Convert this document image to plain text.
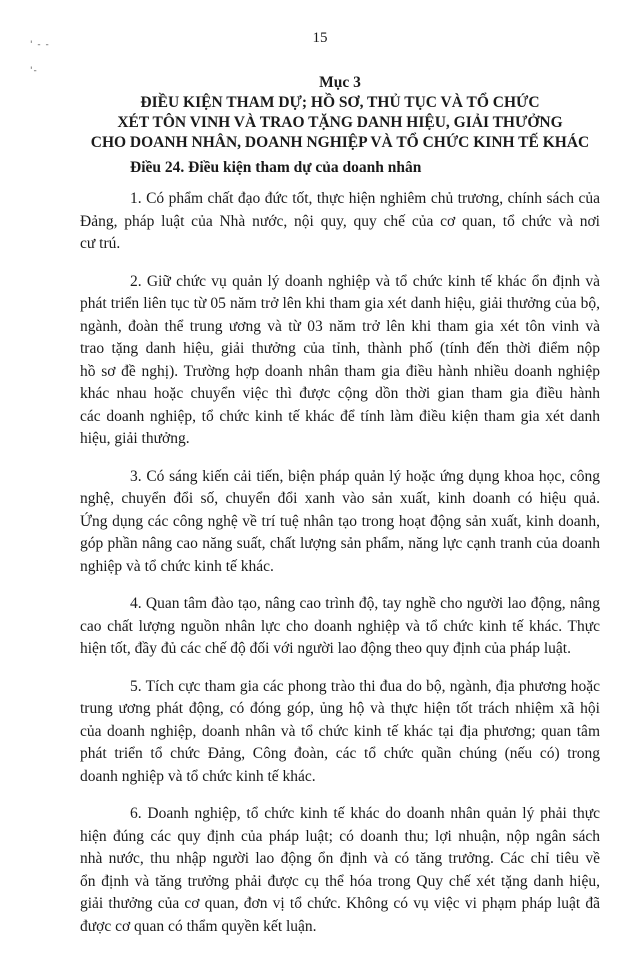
15
' - -
'-
Mục 3
ĐIỀU KIỆN THAM DỰ; HỒ SƠ, THỦ TỤC VÀ TỔ CHỨC
XÉT TÔN VINH VÀ TRAO TẶNG DANH HIỆU, GIẢI THƯỞNG
CHO DOANH NHÂN, DOANH NGHIỆP VÀ TỔ CHỨC KINH TẾ KHÁC
Điều 24. Điều kiện tham dự của doanh nhân
1. Có phẩm chất đạo đức tốt, thực hiện nghiêm chủ trương, chính sách của
Đảng, pháp luật của Nhà nước, nội quy, quy chế của cơ quan, tổ chức và nơi
cư trú.
2. Giữ chức vụ quản lý doanh nghiệp và tổ chức kinh tế khác ổn định và
phát triển liên tục từ 05 năm trở lên khi tham gia xét danh hiệu, giải thưởng của bộ,
ngành, đoàn thể trung ương và từ 03 năm trở lên khi tham gia xét tôn vinh và
trao tặng danh hiệu, giải thưởng của tỉnh, thành phố (tính đến thời điểm nộp
hồ sơ đề nghị). Trường hợp doanh nhân tham gia điều hành nhiều doanh nghiệp
khác nhau hoặc chuyển việc thì được cộng dồn thời gian tham gia điều hành
các doanh nghiệp, tổ chức kinh tế khác để tính làm điều kiện tham gia xét danh
hiệu, giải thưởng.
3. Có sáng kiến cải tiến, biện pháp quản lý hoặc ứng dụng khoa học, công
nghệ, chuyển đổi số, chuyển đổi xanh vào sản xuất, kinh doanh có hiệu quả.
Ứng dụng các công nghệ về trí tuệ nhân tạo trong hoạt động sản xuất, kinh doanh,
góp phần nâng cao năng suất, chất lượng sản phẩm, năng lực cạnh tranh của doanh
nghiệp và tổ chức kinh tế khác.
4. Quan tâm đào tạo, nâng cao trình độ, tay nghề cho người lao động, nâng
cao chất lượng nguồn nhân lực cho doanh nghiệp và tổ chức kinh tế khác. Thực
hiện tốt, đầy đủ các chế độ đối với người lao động theo quy định của pháp luật.
5. Tích cực tham gia các phong trào thi đua do bộ, ngành, địa phương hoặc
trung ương phát động, có đóng góp, ủng hộ và thực hiện tốt trách nhiệm xã hội
của doanh nghiệp, doanh nhân và tổ chức kinh tế khác tại địa phương; quan tâm
phát triển tổ chức Đảng, Công đoàn, các tổ chức quần chúng (nếu có) trong
doanh nghiệp và tổ chức kinh tế khác.
6. Doanh nghiệp, tổ chức kinh tế khác do doanh nhân quản lý phải thực
hiện đúng các quy định của pháp luật; có doanh thu; lợi nhuận, nộp ngân sách
nhà nước, thu nhập người lao động ổn định và có tăng trưởng. Các chỉ tiêu về
ổn định và tăng trưởng phải được cụ thể hóa trong Quy chế xét tặng danh hiệu,
giải thưởng của cơ quan, đơn vị tổ chức. Không có vụ việc vi phạm pháp luật đã
được cơ quan có thẩm quyền kết luận.
